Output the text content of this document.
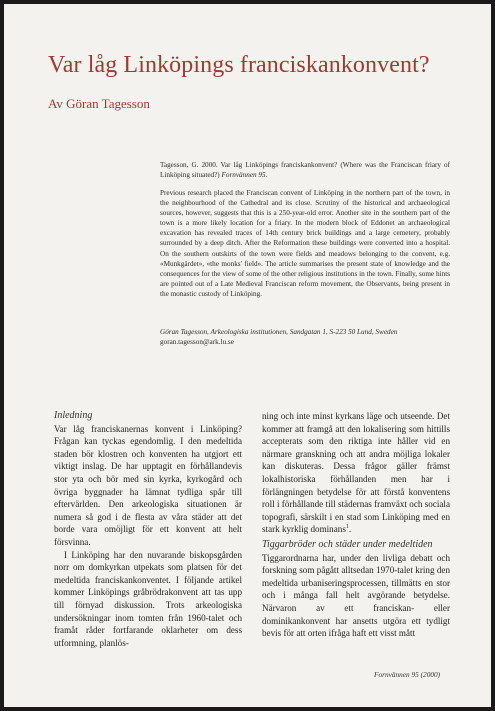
Var låg Linköpings franciskankonvent?
Av Göran Tagesson

Tagesson, G. 2000. Var låg Linköpings franciskankonvent? (Where was the Franciscan friary of Linköping situated?) Fornvännen 95.

Previous research placed the Franciscan convent of Linköping in the northern part of the town, in the neighbourhood of the Cathedral and its close. Scrutiny of the historical and archaeological sources, however, suggests that this is a 250-year-old error. Another site in the southern part of the town is a more likely location for a friary. In the modern block of Eddonet an archaeological excavation has revealed traces of 14th century brick buildings and a large cemetery, probably surrounded by a deep ditch. After the Reformation these buildings were converted into a hospital. On the southern outskirts of the town were fields and meadows belonging to the convent, e.g. «Munkgärdet», «the monks' field». The article summarises the present state of knowledge and the consequences for the view of some of the other religious institutions in the town. Finally, some hints are pointed out of a Late Medieval Franciscan reform movement, the Observants, being present in the monastic custody of Linköping.

Göran Tagesson, Arkeologiska institutionen, Sandgatan 1, S-223 50 Lund, Sweden

goran.tagesson@ark.lu.se

Inledning

Var låg franciskanernas konvent i Linköping? Frågan kan tyckas egendomlig. I den medeltida staden bör klostren och konventen ha utgjort ett viktigt inslag. De har upptagit en förhållandevis stor yta och bör med sin kyrka, kyrkogård och övriga byggnader ha lämnat tydliga spår till eftervärlden. Den arkeologiska situationen är numera så god i de flesta av våra städer att det borde vara omöjligt för ett konvent att helt försvinna.

I Linköping har den nuvarande biskopsgården norr om domkyrkan utpekats som platsen för det medeltida franciskankonventet. I följande artikel kommer Linköpings gråbrödrakonvent att tas upp till förnyad diskussion. Trots arkeologiska undersökningar inom tomten från 1960-talet och framåt råder fortfarande oklarheter om dess utformning, planlös-

ning och inte minst kyrkans läge och utseende. Det kommer att framgå att den lokalisering som hittills accepterats som den riktiga inte håller vid en närmare granskning och att andra möjliga lokaler kan diskuteras. Dessa frågor gäller främst lokalhistoriska förhållanden men har i förlängningen betydelse för att förstå konventens roll i förhållande till städernas framväxt och sociala topografi, särskilt i en stad som Linköping med en stark kyrklig dominans$^1$.

Tiggarbröder och städer under medeltiden

Tiggarordnarna har, under den livliga debatt och forskning som pågått alltsedan 1970-talet kring den medeltida urbaniseringsprocessen, tillmätts en stor och i många fall helt avgörande betydelse. Närvaron av ett franciskan- eller dominikankonvent har ansetts utgöra ett tydligt bevis för att orten ifråga haft ett visst mått

Fornvännen 95 (2000)
